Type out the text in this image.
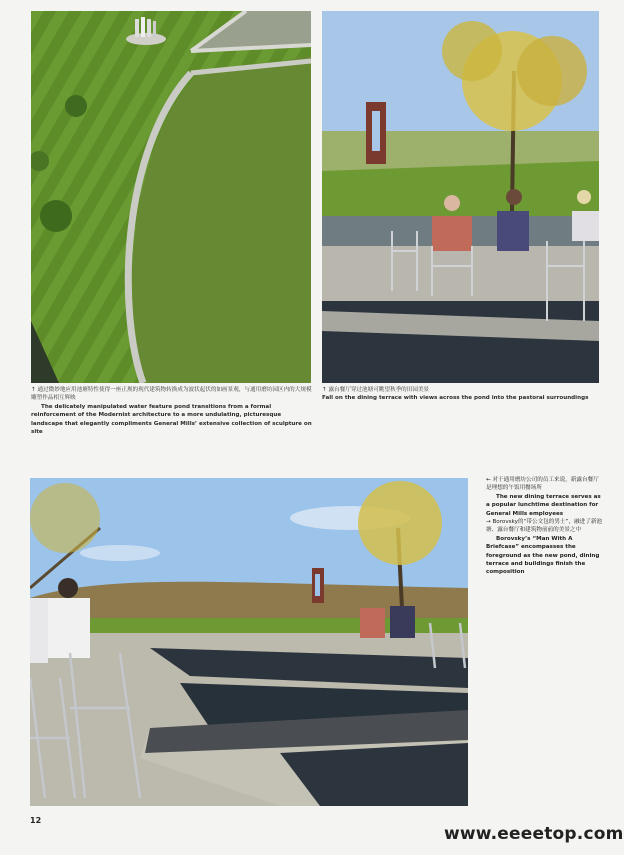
↑ 通过微妙地应用池塘特性使得一座正规的现代建筑物转换成为波状起伏的如画景观，与通用磨坊园区内的大规模雕塑作品相互辉映
The delicately manipulated water feature pond transitions from a formal reinforcement of the Modernist architecture to a more undulating, picturesque landscape that elegantly compliments General Mills’ extensive collection of sculpture on site
↑ 露台餐厅穿过池塘可眺望秋季的田园美景
Fall on the dining terrace with views across the pond into the pastoral surroundings

← 对于通用磨坊公司的员工来说，新露台餐厅是理想的午饭用餐场所

The new dining terrace serves as a popular lunchtime destination for General Mills employees

→ Borovsky的“带公文包的男士”，融进了新池塘、露台餐厅和建筑物前前的美景之中

Borovsky’s “Man With A Briefcase” encompasses the foreground as the new pond, dining terrace and buildings finish the composition

12
www.eeeetop.com
